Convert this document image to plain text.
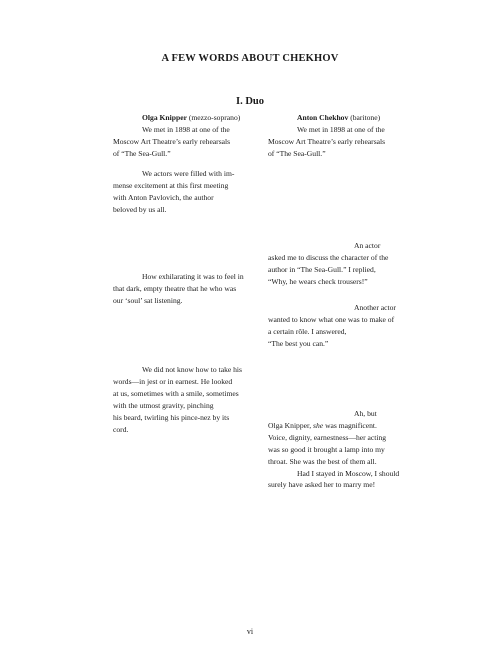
A FEW WORDS ABOUT CHEKHOV
I. Duo

Olga Knipper (mezzo-soprano)

We met in 1898 at one of the

Moscow Art Theatre’s early rehearsals

of “The Sea-Gull.”

We actors were filled with im-

mense excitement at this first meeting

with Anton Pavlovich, the author

beloved by us all.

How exhilarating it was to feel in

that dark, empty theatre that he who was

our ‘soul’ sat listening.

We did not know how to take his

words—in jest or in earnest. He looked

at us, sometimes with a smile, sometimes

with the utmost gravity, pinching

his beard, twirling his pince-nez by its

cord.

Anton Chekhov (baritone)

We met in 1898 at one of the

Moscow Art Theatre’s early rehearsals

of “The Sea-Gull.”

An actor

asked me to discuss the character of the

author in “The Sea-Gull.” I replied,

“Why, he wears check trousers!”

Another actor

wanted to know what one was to make of

a certain rôle. I answered,

“The best you can.”

Ah, but

Olga Knipper, she was magnificent.

Voice, dignity, earnestness—her acting

was so good it brought a lamp into my

throat. She was the best of them all.

Had I stayed in Moscow, I should

surely have asked her to marry me!

vi
